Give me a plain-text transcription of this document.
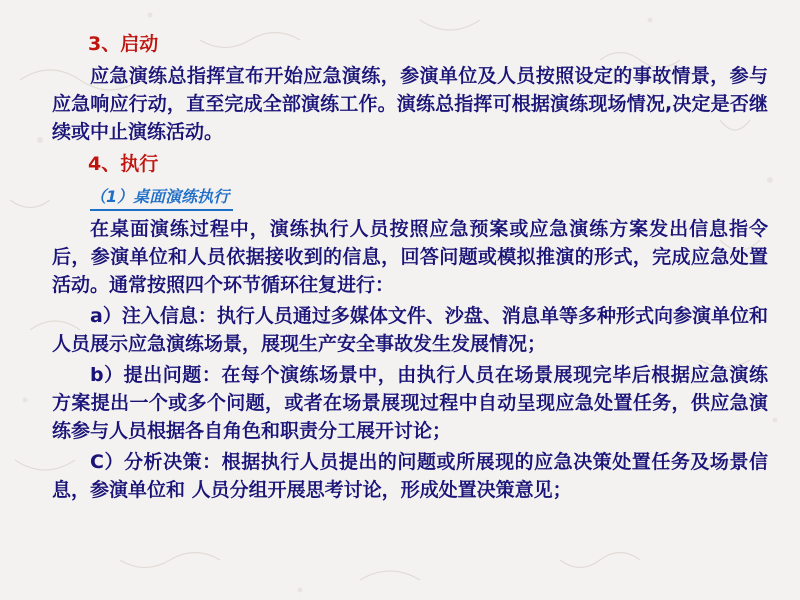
3、启动

应急演练总指挥宣布开始应急演练，参演单位及人员按照设定的事故情景，参与应急响应行动，直至完成全部演练工作。演练总指挥可根据演练现场情况,决定是否继续或中止演练活动。

4、执行
（1）桌面演练执行

在桌面演练过程中，演练执行人员按照应急预案或应急演练方案发出信息指令后，参演单位和人员依据接收到的信息，回答问题或模拟推演的形式，完成应急处置活动。通常按照四个环节循环往复进行：

a）注入信息：执行人员通过多媒体文件、沙盘、消息单等多种形式向参演单位和人员展示应急演练场景，展现生产安全事故发生发展情况；

b）提出问题：在每个演练场景中，由执行人员在场景展现完毕后根据应急演练方案提出一个或多个问题，或者在场景展现过程中自动呈现应急处置任务，供应急演练参与人员根据各自角色和职责分工展开讨论；

C）分析决策：根据执行人员提出的问题或所展现的应急决策处置任务及场景信息，参演单位和 人员分组开展思考讨论，形成处置决策意见；
